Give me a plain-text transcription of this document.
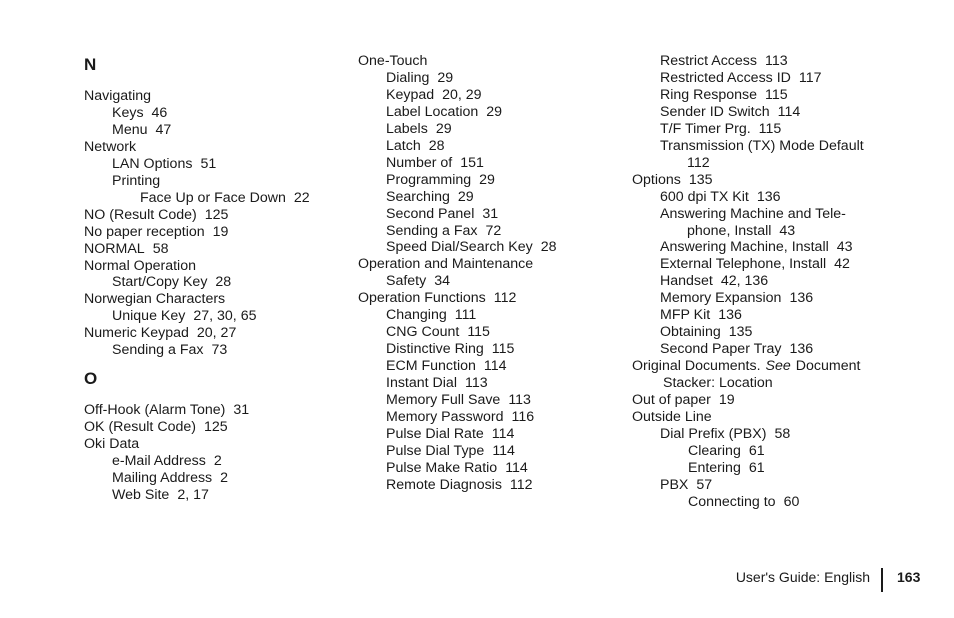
N
Navigating
Keys 46
Menu 47
Network
LAN Options 51
Printing
Face Up or Face Down 22
NO (Result Code) 125
No paper reception 19
NORMAL 58
Normal Operation
Start/Copy Key 28
Norwegian Characters
Unique Key 27, 30, 65
Numeric Keypad 20, 27
Sending a Fax 73
O
Off-Hook (Alarm Tone) 31
OK (Result Code) 125
Oki Data
e-Mail Address 2
Mailing Address 2
Web Site 2, 17
One-Touch
Dialing 29
Keypad 20, 29
Label Location 29
Labels 29
Latch 28
Number of 151
Programming 29
Searching 29
Second Panel 31
Sending a Fax 72
Speed Dial/Search Key 28
Operation and Maintenance
Safety 34
Operation Functions 112
Changing 111
CNG Count 115
Distinctive Ring 115
ECM Function 114
Instant Dial 113
Memory Full Save 113
Memory Password 116
Pulse Dial Rate 114
Pulse Dial Type 114
Pulse Make Ratio 114
Remote Diagnosis 112
Restrict Access 113
Restricted Access ID 117
Ring Response 115
Sender ID Switch 114
T/F Timer Prg. 115
Transmission (TX) Mode Default
112
Options 135
600 dpi TX Kit 136
Answering Machine and Tele-
phone, Install 43
Answering Machine, Install 43
External Telephone, Install 42
Handset 42, 136
Memory Expansion 136
MFP Kit 136
Obtaining 135
Second Paper Tray 136
Original Documents. See Document
Stacker: Location
Out of paper 19
Outside Line
Dial Prefix (PBX) 58
Clearing 61
Entering 61
PBX 57
Connecting to 60
User's Guide: English 163
